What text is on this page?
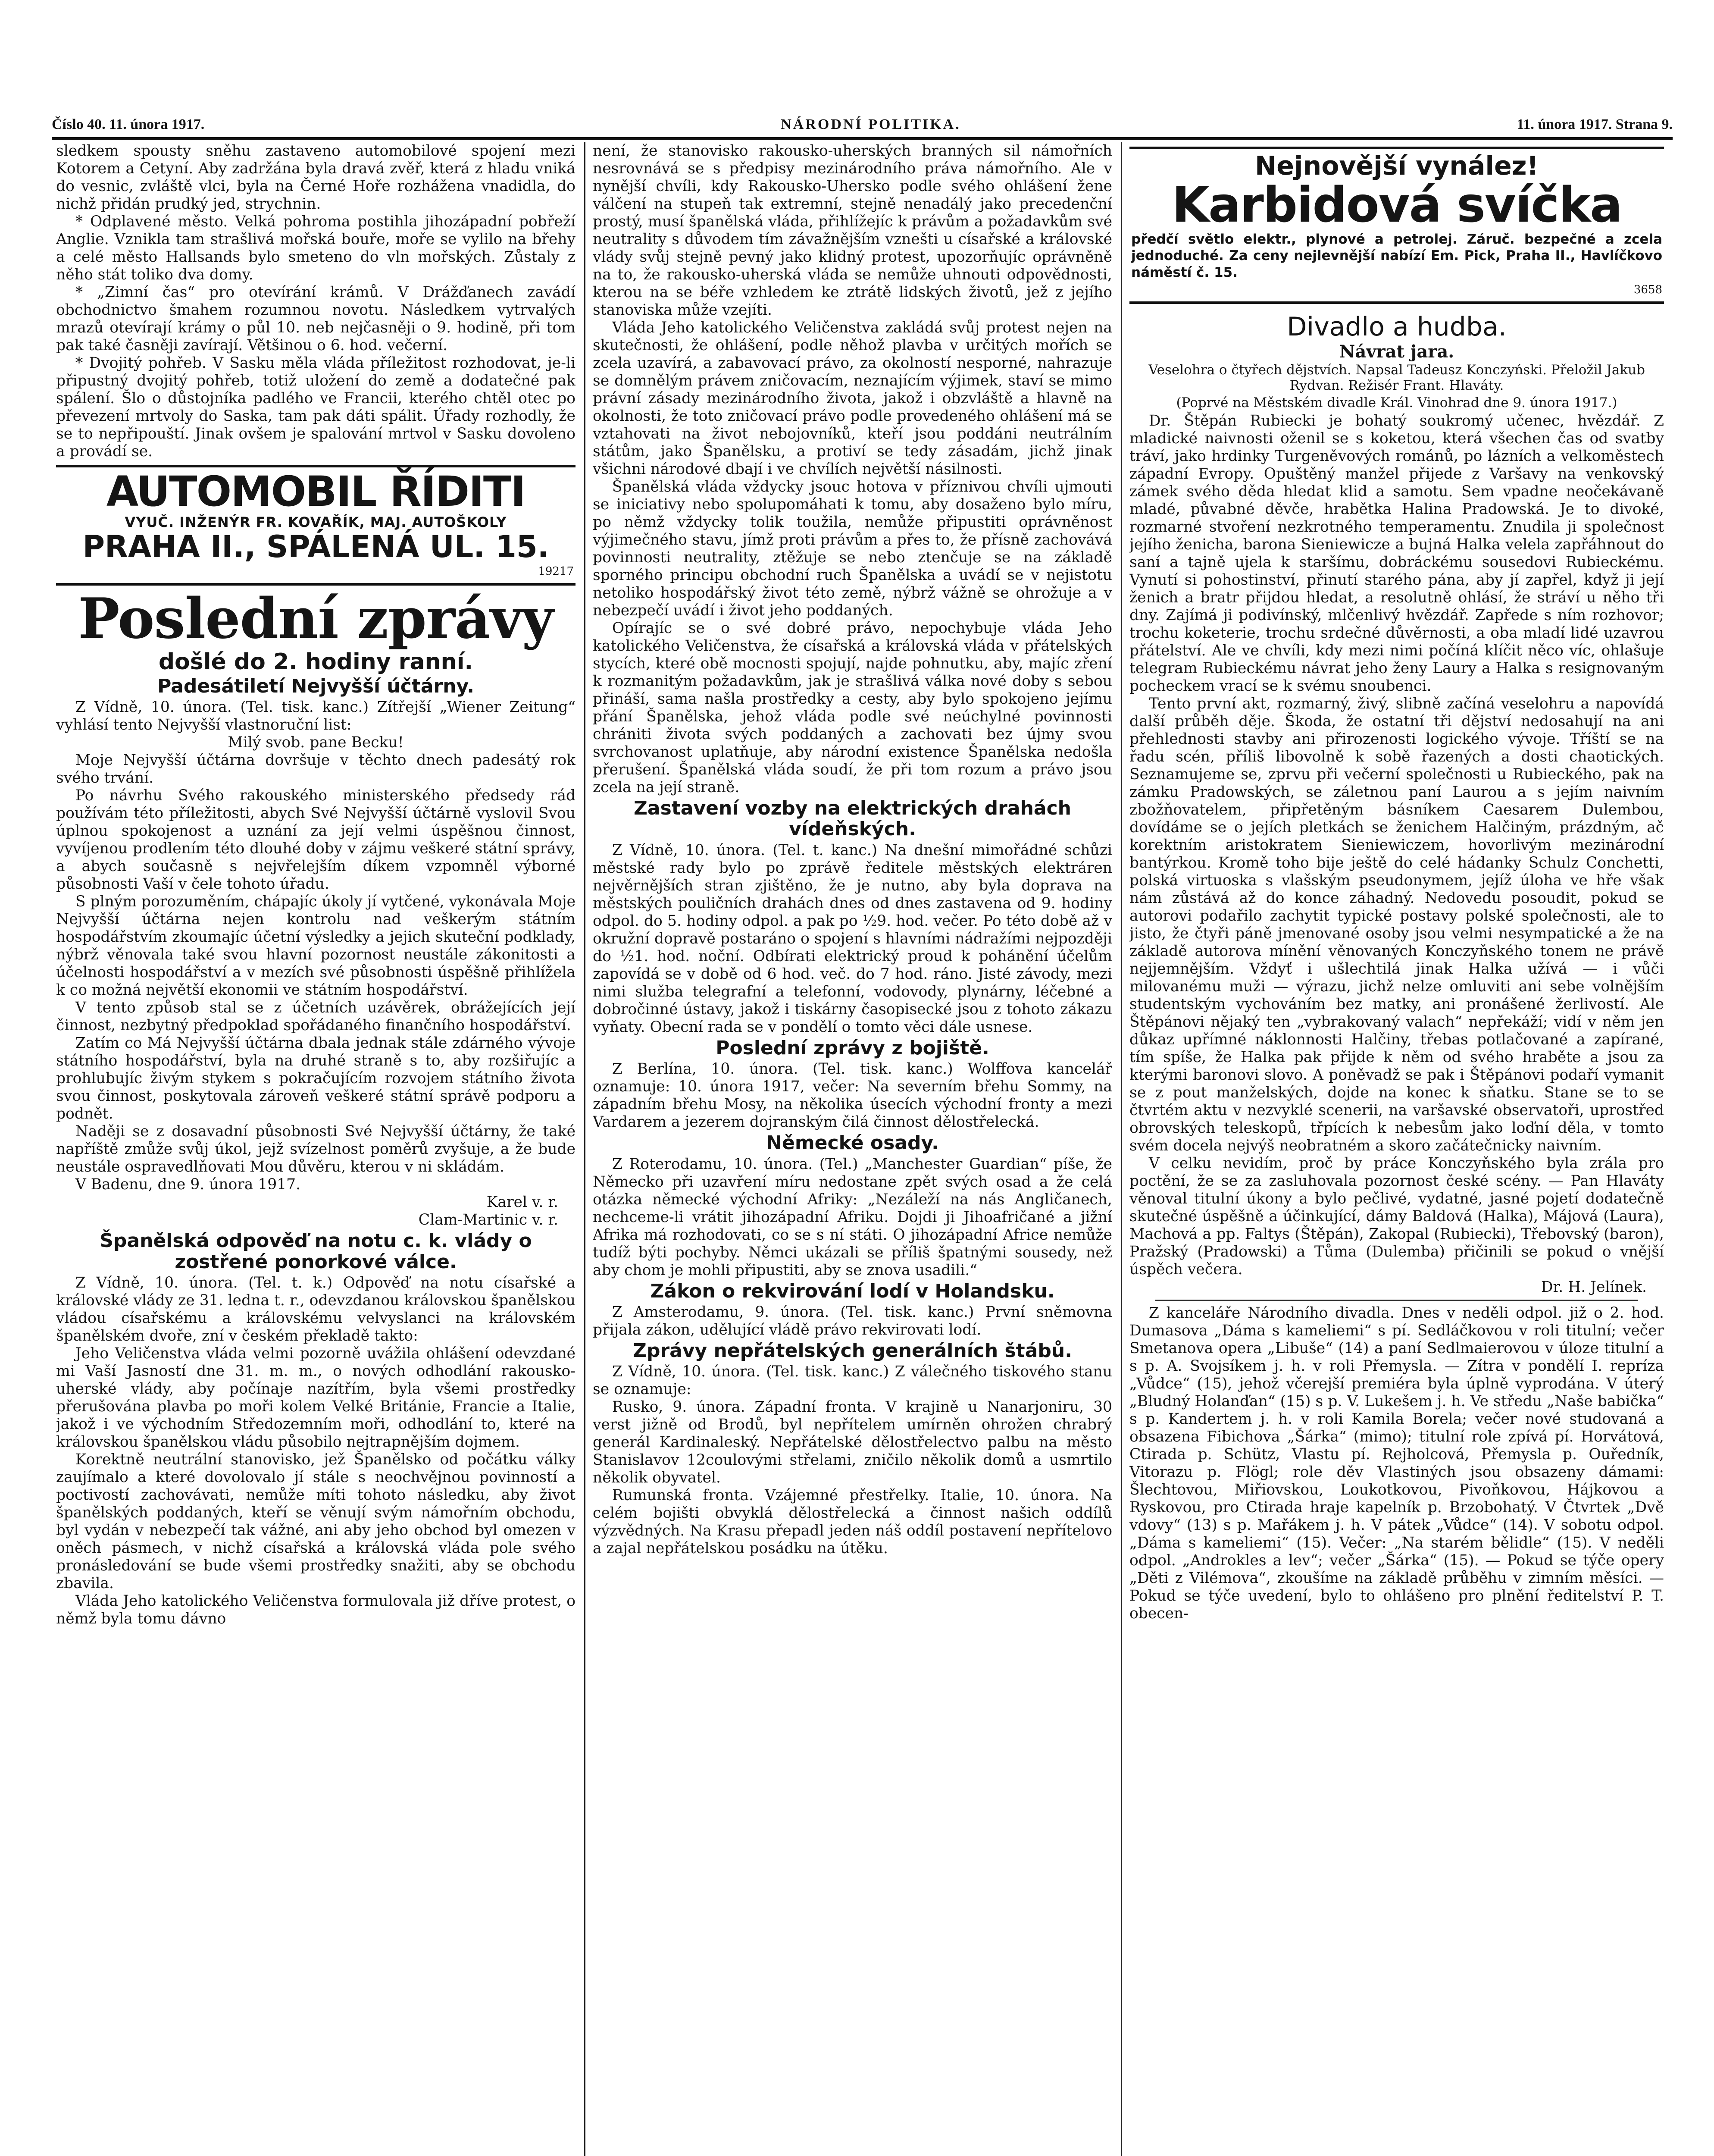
Číslo 40. 11. února 1917.	NÁRODNÍ POLITIKA.	11. února 1917. Strana 9.

sledkem spousty sněhu zastaveno automobilové spojení mezi Kotorem a Cetyní. Aby zadržána byla dravá zvěř, která z hladu vniká do vesnic, zvláště vlci, byla na Černé Hoře rozhážena vnadidla, do nichž přidán prudký jed, strychnin.

* Odplavené město. Velká pohroma postihla jihozápadní pobřeží Anglie. Vznikla tam strašlivá mořská bouře, moře se vylilo na břehy a celé město Hallsands bylo smeteno do vln mořských. Zůstaly z něho stát toliko dva domy.

* „Zimní čas“ pro otevírání krámů. V Drážďanech zavádí obchodnictvo šmahem rozumnou novotu. Následkem vytrvalých mrazů otevírají krámy o půl 10. neb nejčasněji o 9. hodině, při tom pak také časněji zavírají. Většinou o 6. hod. večerní.

* Dvojitý pohřeb. V Sasku měla vláda příležitost rozhodovat, je-li připustný dvojitý pohřeb, totiž uložení do země a dodatečné pak spálení. Šlo o důstojníka padlého ve Francii, kterého chtěl otec po převezení mrtvoly do Saska, tam pak dáti spálit. Úřady rozhodly, že se to nepřipouští. Jinak ovšem je spalování mrtvol v Sasku dovoleno a provádí se.

AUTOMOBIL ŘÍDITI
VYUČ. INŽENÝR FR. KOVAŘÍK, MAJ. AUTOŠKOLY
PRAHA II., SPÁLENÁ UL. 15.
19217
Poslední zprávy
došlé do 2. hodiny ranní.
Padesátiletí Nejvyšší účtárny.

Z Vídně, 10. února. (Tel. tisk. kanc.) Zítřejší „Wiener Zeitung“ vyhlásí tento Nejvyšší vlastnoruční list:

Milý svob. pane Becku!

Moje Nejvyšší účtárna dovršuje v těchto dnech padesátý rok svého trvání.

Po návrhu Svého rakouského ministerského předsedy rád používám této příležitosti, abych Své Nejvyšší účtárně vyslovil Svou úplnou spokojenost a uznání za její velmi úspěšnou činnost, vyvíjenou prodlením této dlouhé doby v zájmu veškeré státní správy, a abych současně s nejvřelejším díkem vzpomněl výborné působnosti Vaší v čele tohoto úřadu.

S plným porozuměním, chápajíc úkoly jí vytčené, vykonávala Moje Nejvyšší účtárna nejen kontrolu nad veškerým státním hospodářstvím zkoumajíc účetní výsledky a jejich skuteční podklady, nýbrž věnovala také svou hlavní pozornost neustále zákonitosti a účelnosti hospodářství a v mezích své působnosti úspěšně přihlížela k co možná největší ekonomii ve státním hospodářství.

V tento způsob stal se z účetních uzávěrek, obrážejících její činnost, nezbytný předpoklad spořádaného finančního hospodářství.

Zatím co Má Nejvyšší účtárna dbala jednak stále zdárného vývoje státního hospodářství, byla na druhé straně s to, aby rozšiřujíc a prohlubujíc živým stykem s pokračujícím rozvojem státního života svou činnost, poskytovala zároveň veškeré státní správě podporu a podnět.

Naději se z dosavadní působnosti Své Nejvyšší účtárny, že také napříště zmůže svůj úkol, jejž svízelnost poměrů zvyšuje, a že bude neustále ospravedlňovati Mou důvěru, kterou v ni skládám.

V Badenu, dne 9. února 1917.

Karel v. r.

Clam-Martinic v. r.

Španělská odpověď na notu c. k. vlády o zostřené ponorkové válce.

Z Vídně, 10. února. (Tel. t. k.) Odpověď na notu císařské a královské vlády ze 31. ledna t. r., odevzdanou královskou španělskou vládou císařskému a královskému velvyslanci na královském španělském dvoře, zní v českém překladě takto:

Jeho Veličenstva vláda velmi pozorně uvážila ohlášení odevzdané mi Vaší Jasností dne 31. m. m., o nových odhodlání rakousko-uherské vlády, aby počínaje nazítřím, byla všemi prostředky přerušována plavba po moři kolem Velké Británie, Francie a Italie, jakož i ve východním Středozemním moři, odhodlání to, které na královskou španělskou vládu působilo nejtrapnějším dojmem.

Korektně neutrální stanovisko, jež Španělsko od počátku války zaujímalo a které dovolovalo jí stále s neochvějnou povinností a poctivostí zachovávati, nemůže míti tohoto následku, aby život španělských poddaných, kteří se věnují svým námořním obchodu, byl vydán v nebezpečí tak vážné, ani aby jeho obchod byl omezen v oněch pásmech, v nichž císařská a královská vláda pole svého pronásledování se bude všemi prostředky snažiti, aby se obchodu zbavila.

Vláda Jeho katolického Veličenstva formulovala již dříve protest, o němž byla tomu dávno

není, že stanovisko rakousko-uherských branných sil námořních nesrovnává se s předpisy mezinárodního práva námořního. Ale v nynější chvíli, kdy Rakousko-Uhersko podle svého ohlášení žene válčení na stupeň tak extremní, stejně nenadálý jako precedenční prostý, musí španělská vláda, přihlížejíc k právům a požadavkům své neutrality s důvodem tím závažnějším vznešti u císařské a královské vlády svůj stejně pevný jako klidný protest, upozorňujíc oprávněně na to, že rakousko-uherská vláda se nemůže uhnouti odpovědnosti, kterou na se béře vzhledem ke ztrátě lidských životů, jež z jejího stanoviska může vzejíti.

Vláda Jeho katolického Veličenstva zakládá svůj protest nejen na skutečnosti, že ohlášení, podle něhož plavba v určitých mořích se zcela uzavírá, a zabavovací právo, za okolností nesporné, nahrazuje se domnělým právem zničovacím, neznajícím výjimek, staví se mimo právní zásady mezinárodního života, jakož i obzvláště a hlavně na okolnosti, že toto zničovací právo podle provedeného ohlášení má se vztahovati na život nebojovníků, kteří jsou poddáni neutrálním státům, jako Španělsku, a protiví se tedy zásadám, jichž jinak všichni národové dbají i ve chvílích největší násilnosti.

Španělská vláda vždycky jsouc hotova v příznivou chvíli ujmouti se iniciativy nebo spolupomáhati k tomu, aby dosaženo bylo míru, po němž vždycky tolik toužila, nemůže připustiti oprávněnost výjimečného stavu, jímž proti právům a přes to, že přísně zachovává povinnosti neutrality, ztěžuje se nebo ztenčuje se na základě sporného principu obchodní ruch Španělska a uvádí se v nejistotu netoliko hospodářský život této země, nýbrž vážně se ohrožuje a v nebezpečí uvádí i život jeho poddaných.

Opírajíc se o své dobré právo, nepochybuje vláda Jeho katolického Veličenstva, že císařská a královská vláda v přátelských stycích, které obě mocnosti spojují, najde pohnutku, aby, majíc zření k rozmanitým požadavkům, jak je strašlivá válka nové doby s sebou přináší, sama našla prostředky a cesty, aby bylo spokojeno jejímu přání Španělska, jehož vláda podle své neúchylné povinnosti chrániti života svých poddaných a zachovati bez újmy svou svrchovanost uplatňuje, aby národní existence Španělska nedošla přerušení. Španělská vláda soudí, že při tom rozum a právo jsou zcela na její straně.

Zastavení vozby na elektrických drahách vídeňských.

Z Vídně, 10. února. (Tel. t. kanc.) Na dnešní mimořádné schůzi městské rady bylo po zprávě ředitele městských elektráren nejvěrnějších stran zjištěno, že je nutno, aby byla doprava na městských pouličních drahách dnes od dnes zastavena od 9. hodiny odpol. do 5. hodiny odpol. a pak po ½9. hod. večer. Po této době až v okružní dopravě postaráno o spojení s hlavními nádražími nejpozději do ½1. hod. noční. Odbírati elektrický proud k pohánění účelům zapovídá se v době od 6 hod. več. do 7 hod. ráno. Jisté závody, mezi nimi služba telegrafní a telefonní, vodovody, plynárny, léčebné a dobročinné ústavy, jakož i tiskárny časopisecké jsou z tohoto zákazu vyňaty. Obecní rada se v pondělí o tomto věci dále usnese.

Poslední zprávy z bojiště.

Z Berlína, 10. února. (Tel. tisk. kanc.) Wolffova kancelář oznamuje: 10. února 1917, večer: Na severním břehu Sommy, na západním břehu Mosy, na několika úsecích východní fronty a mezi Vardarem a jezerem dojranským čilá činnost dělostřelecká.

Německé osady.

Z Roterodamu, 10. února. (Tel.) „Manchester Guardian“ píše, že Německo při uzavření míru nedostane zpět svých osad a že celá otázka německé východní Afriky: „Nezáleží na nás Angličanech, nechceme-li vrátit jihozápadní Afriku. Dojdi ji Jihoafričané a jižní Afrika má rozhodovati, co se s ní státi. O jihozápadní Africe nemůže tudíž býti pochyby. Němci ukázali se příliš špatnými sousedy, než aby chom je mohli připustiti, aby se znova usadili.“

Zákon o rekvirování lodí v Holandsku.

Z Amsterodamu, 9. února. (Tel. tisk. kanc.) První sněmovna přijala zákon, udělující vládě právo rekvirovati lodí.

Zprávy nepřátelských generálních štábů.

Z Vídně, 10. února. (Tel. tisk. kanc.) Z válečného tiskového stanu se oznamuje:

Rusko, 9. února. Západní fronta. V krajině u Nanarjoniru, 30 verst jižně od Brodů, byl nepřítelem umírněn ohrožen chrabrý generál Kardinaleský. Nepřátelské dělostřelectvo palbu na město Stanislavov 12coulovými střelami, zničilo několik domů a usmrtilo několik obyvatel.

Rumunská fronta. Vzájemné přestřelky. Italie, 10. února. Na celém bojišti obvyklá dělostřelecká a činnost našich oddílů výzvědných. Na Krasu přepadl jeden náš oddíl postavení nepřítelovo a zajal nepřátelskou posádku na útěku.

Nejnovější vynález!
Karbidová svíčka
předčí světlo elektr., plynové a petrolej. Záruč. bezpečné a zcela jednoduché. Za ceny nejlevnější nabízí Em. Pick, Praha II., Havlíčkovo náměstí č. 15.
3658
Divadlo a hudba.
Návrat jara.
Veselohra o čtyřech dějstvích. Napsal Tadeusz Konczyński. Přeložil Jakub Rydvan. Režisér Frant. Hlaváty.
(Poprvé na Městském divadle Král. Vinohrad dne 9. února 1917.)

Dr. Štěpán Rubiecki je bohatý soukromý učenec, hvězdář. Z mladické naivnosti oženil se s koketou, která všechen čas od svatby tráví, jako hrdinky Turgeněvových románů, po lázních a velkoměstech západní Evropy. Opuštěný manžel přijede z Varšavy na venkovský zámek svého děda hledat klid a samotu. Sem vpadne neočekávaně mladé, půvabné děvče, hrabětka Halina Pradowská. Je to divoké, rozmarné stvoření nezkrotného temperamentu. Znudila ji společnost jejího ženicha, barona Sieniewicze a bujná Halka velela zapřáhnout do saní a tajně ujela k staršímu, dobráckému sousedovi Rubieckému. Vynutí si pohostinství, přinutí starého pána, aby jí zapřel, když ji její ženich a bratr přijdou hledat, a resolutně ohlásí, že stráví u něho tři dny. Zajímá ji podivínský, mlčenlivý hvězdář. Zapřede s ním rozhovor; trochu koketerie, trochu srdečné důvěrnosti, a oba mladí lidé uzavrou přátelství. Ale ve chvíli, kdy mezi nimi počíná klíčit něco víc, ohlašuje telegram Rubieckému návrat jeho ženy Laury a Halka s resignovaným pocheckem vrací se k svému snoubenci.

Tento první akt, rozmarný, živý, slibně začíná veselohru a napovídá další průběh děje. Škoda, že ostatní tři dějství nedosahují na ani přehlednosti stavby ani přirozenosti logického vývoje. Tříští se na řadu scén, příliš libovolně k sobě řazených a dosti chaotických. Seznamujeme se, zprvu při večerní společnosti u Rubieckého, pak na zámku Pradowských, se záletnou paní Laurou a s jejím naivním zbožňovatelem, připřetěným básníkem Caesarem Dulembou, dovídáme se o jejích pletkách se ženichem Halčiným, prázdným, ač korektním aristokratem Sieniewiczem, hovorlivým mezinárodní bantýrkou. Kromě toho bije ještě do celé hádanky Schulz Conchetti, polská virtuoska s vlašským pseudonymem, jejíž úloha ve hře však nám zůstává až do konce záhadný. Nedovedu posoudit, pokud se autorovi podařilo zachytit typické postavy polské společnosti, ale to jisto, že čtyři páně jmenované osoby jsou velmi nesympatické a že na základě autorova mínění věnovaných Konczyňského tonem ne právě nejjemnějším. Vždyť i ušlechtilá jinak Halka užívá — i vůči milovanému muži — výrazu, jichž nelze omluviti ani sebe volnějším studentským vychováním bez matky, ani pronášené žerlivostí. Ale Štěpánovi nějaký ten „vybrakovaný valach“ nepřekáží; vidí v něm jen důkaz upřímné náklonnosti Halčiny, třebas potlačované a zapírané, tím spíše, že Halka pak přijde k něm od svého hraběte a jsou za kterými baronovi slovo. A poněvadž se pak i Štěpánovi podaří vymanit se z pout manželských, dojde na konec k sňatku. Stane se to se čtvrtém aktu v nezvyklé scenerii, na varšavské observatoři, uprostřed obrovských teleskopů, třpících k nebesům jako loďní děla, v tomto svém docela nejvýš neobratném a skoro začátečnicky naivním.

V celku nevidím, proč by práce Konczyňského byla zrála pro poctění, že se za zasluhovala pozornost české scény. — Pan Hlaváty věnoval titulní úkony a bylo pečlivé, vydatné, jasné pojetí dodatečně skutečné úspěšně a účinkující, dámy Baldová (Halka), Májová (Laura), Machová a pp. Faltys (Štěpán), Zakopal (Rubiecki), Třebovský (baron), Pražský (Pradowski) a Tůma (Dulemba) přičinili se pokud o vnější úspěch večera.

Dr. H. Jelínek.

Z kanceláře Národního divadla. Dnes v neděli odpol. již o 2. hod. Dumasova „Dáma s kameliemi“ s pí. Sedláčkovou v roli titulní; večer Smetanova opera „Libuše“ (14) a paní Sedlmaierovou v úloze titulní a s p. A. Svojsíkem j. h. v roli Přemysla. — Zítra v pondělí I. repríza „Vůdce“ (15), jehož včerejší premiéra byla úplně vyprodána. V úterý „Bludný Holanďan“ (15) s p. V. Lukešem j. h. Ve středu „Naše babička“ s p. Kandertem j. h. v roli Kamila Borela; večer nové studovaná a obsazena Fibichova „Šárka“ (mimo); titulní role zpívá pí. Horvátová, Ctirada p. Schütz, Vlastu pí. Rejholcová, Přemysla p. Ouředník, Vitorazu p. Flögl; role děv Vlastiných jsou obsazeny dámami: Šlechtovou, Miřiovskou, Loukotkovou, Pivoňkovou, Hájkovou a Ryskovou, pro Ctirada hraje kapelník p. Brzobohatý. V Čtvrtek „Dvě vdovy“ (13) s p. Mařákem j. h. V pátek „Vůdce“ (14). V sobotu odpol. „Dáma s kameliemi“ (15). Večer: „Na starém bělidle“ (15). V neděli odpol. „Androkles a lev“; večer „Šárka“ (15). — Pokud se týče opery „Děti z Vilémova“, zkoušíme na základě průběhu v zimním měsíci. — Pokud se týče uvedení, bylo to ohlášeno pro plnění ředitelství P. T. obecen-
